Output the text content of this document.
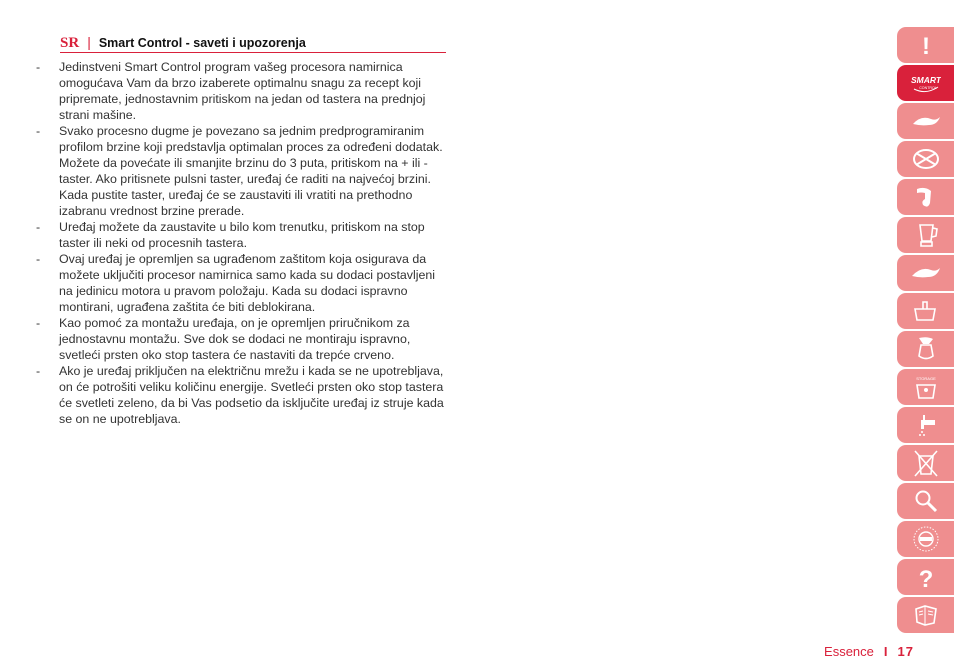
SR | Smart Control - saveti i upozorenja
-	Jedinstveni Smart Control program vašeg procesora namirnica omogućava Vam da brzo izaberete optimalnu snagu za recept koji pripremate, jednostavnim pritiskom na jedan od tastera na prednjoj strani mašine.
-	Svako procesno dugme je povezano sa jednim predprogramiranim profilom brzine koji predstavlja optimalan proces za određeni dodatak. Možete da povećate ili smanjite brzinu do 3 puta, pritiskom na + ili - taster. Ako pritisnete pulsni taster, uređaj će raditi na najvećoj brzini. Kada pustite taster, uređaj će se zaustaviti ili vratiti na prethodno izabranu vrednost brzine prerade.
-	Uređaj možete da zaustavite u bilo kom trenutku, pritiskom na stop taster ili neki od procesnih tastera.
-	Ovaj uređaj je opremljen sa ugrađenom zaštitom koja osigurava da možete uključiti procesor namirnica samo kada su dodaci postavljeni na jedinicu motora u pravom položaju. Kada su dodaci ispravno montirani, ugrađena zaštita će biti deblokirana.
-	Kao pomoć za montažu uređaja, on je opremljen priručnikom za jednostavnu montažu. Sve dok se dodaci ne montiraju ispravno, svetleći prsten oko stop tastera će nastaviti da trepće crveno.
-	Ako je uređaj priključen na električnu mrežu i kada se ne upotrebljava, on će potrošiti veliku količinu energije. Svetleći prsten oko stop tastera će svetleti zeleno, da bi Vas podsetio da isključite uređaj iz struje kada se on ne upotrebljava.
!
SMART
CONTROL
STORAGE
?
Essence I 17
